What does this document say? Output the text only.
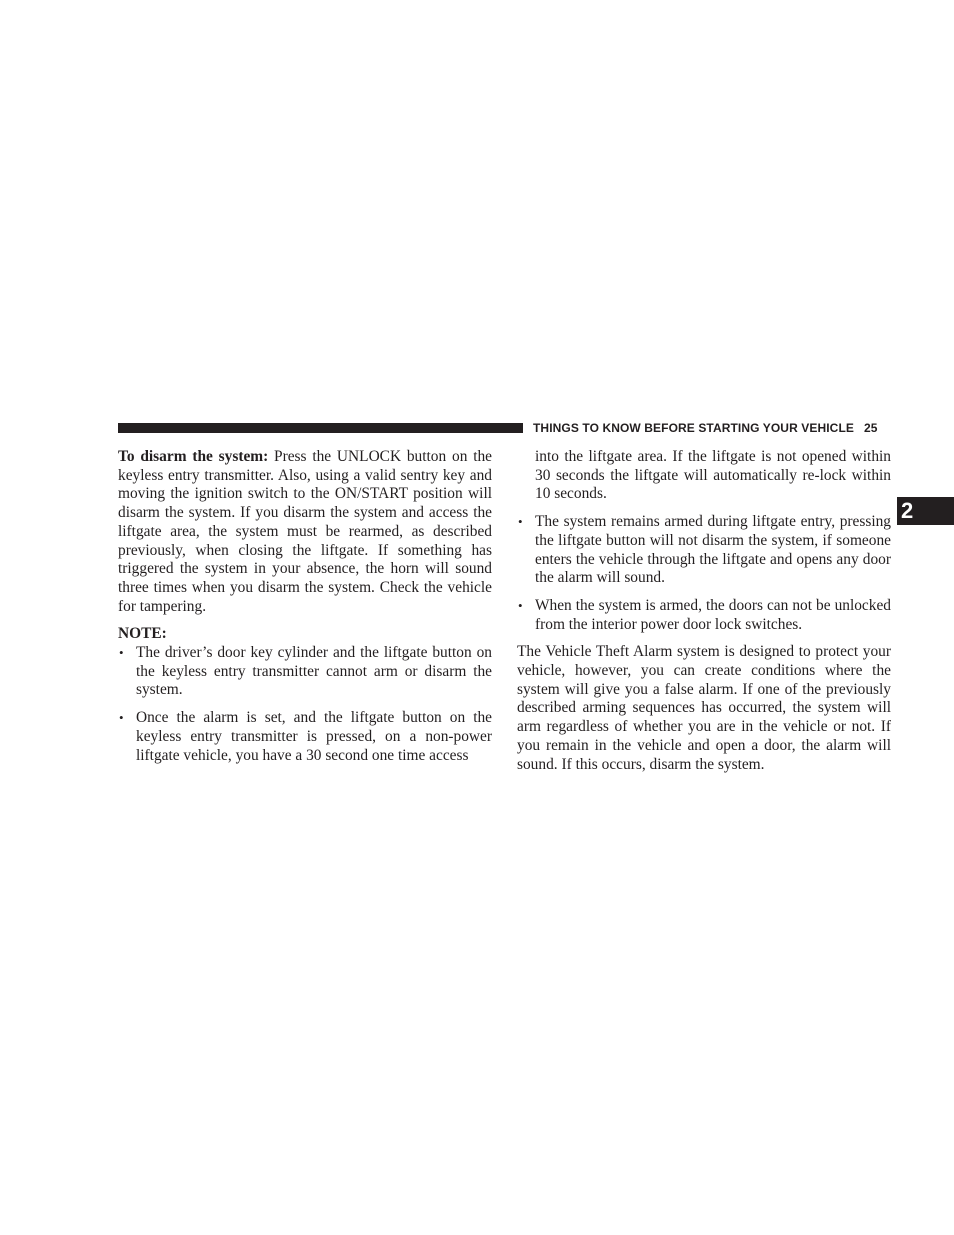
THINGS TO KNOW BEFORE STARTING YOUR VEHICLE 25
2

To disarm the system: Press the UNLOCK button on the keyless entry transmitter. Also, using a valid sentry key and moving the ignition switch to the ON/START position will disarm the system. If you disarm the system and access the liftgate area, the system must be rearmed, as described previously, when closing the liftgate. If something has triggered the system in your absence, the horn will sound three times when you disarm the system. Check the vehicle for tampering.

NOTE:
• The driver’s door key cylinder and the liftgate button on the keyless entry transmitter cannot arm or disarm the system.
• Once the alarm is set, and the liftgate button on the keyless entry transmitter is pressed, on a non-power liftgate vehicle, you have a 30 second one time access
into the liftgate area. If the liftgate is not opened within 30 seconds the liftgate will automatically re-lock within 10 seconds.
• The system remains armed during liftgate entry, pressing the liftgate button will not disarm the system, if someone enters the vehicle through the liftgate and opens any door the alarm will sound.
• When the system is armed, the doors can not be unlocked from the interior power door lock switches.

The Vehicle Theft Alarm system is designed to protect your vehicle, however, you can create conditions where the system will give you a false alarm. If one of the previously described arming sequences has occurred, the system will arm regardless of whether you are in the vehicle or not. If you remain in the vehicle and open a door, the alarm will sound. If this occurs, disarm the system.
